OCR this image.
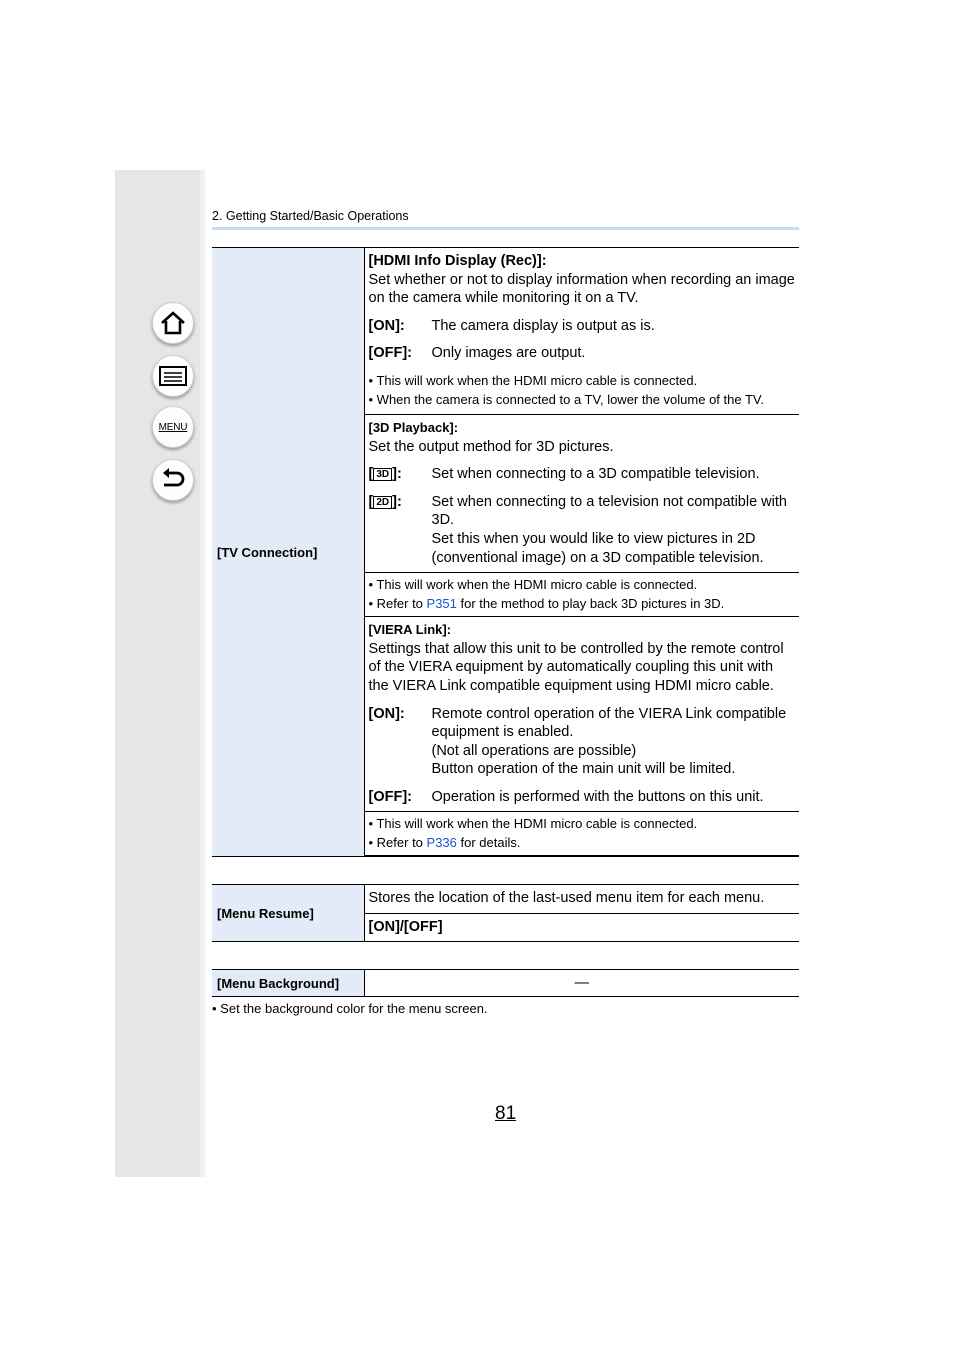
MENU
2. Getting Started/Basic Operations
[TV Connection]	
[HDMI Info Display (Rec)]:
Set whether or not to display information when recording an image on the camera while monitoring it on a TV.
[ON]:	The camera display is output as is.
[OFF]:	Only images are output.
• This will work when the HDMI micro cable is connected.
• When the camera is connected to a TV, lower the volume of the TV.

[3D Playback]:
Set the output method for 3D pictures.
[ 3D ]:	Set when connecting to a 3D compatible television.
[ 2D ]:	Set when connecting to a television not compatible with 3D.
Set this when you would like to view pictures in 2D (conventional image) on a 3D compatible television.

• This will work when the HDMI micro cable is connected.
• Refer to P351 for the method to play back 3D pictures in 3D.

[VIERA Link]:
Settings that allow this unit to be controlled by the remote control of the VIERA equipment by automatically coupling this unit with the VIERA Link compatible equipment using HDMI micro cable.
[ON]:	Remote control operation of the VIERA Link compatible equipment is enabled.
(Not all operations are possible)
Button operation of the main unit will be limited.
[OFF]:	Operation is performed with the buttons on this unit.

• This will work when the HDMI micro cable is connected.
• Refer to P336 for details.

[Menu Resume]	Stores the location of the last-used menu item for each menu.
[ON]/[OFF]
[Menu Background]	—
• Set the background color for the menu screen.
81
